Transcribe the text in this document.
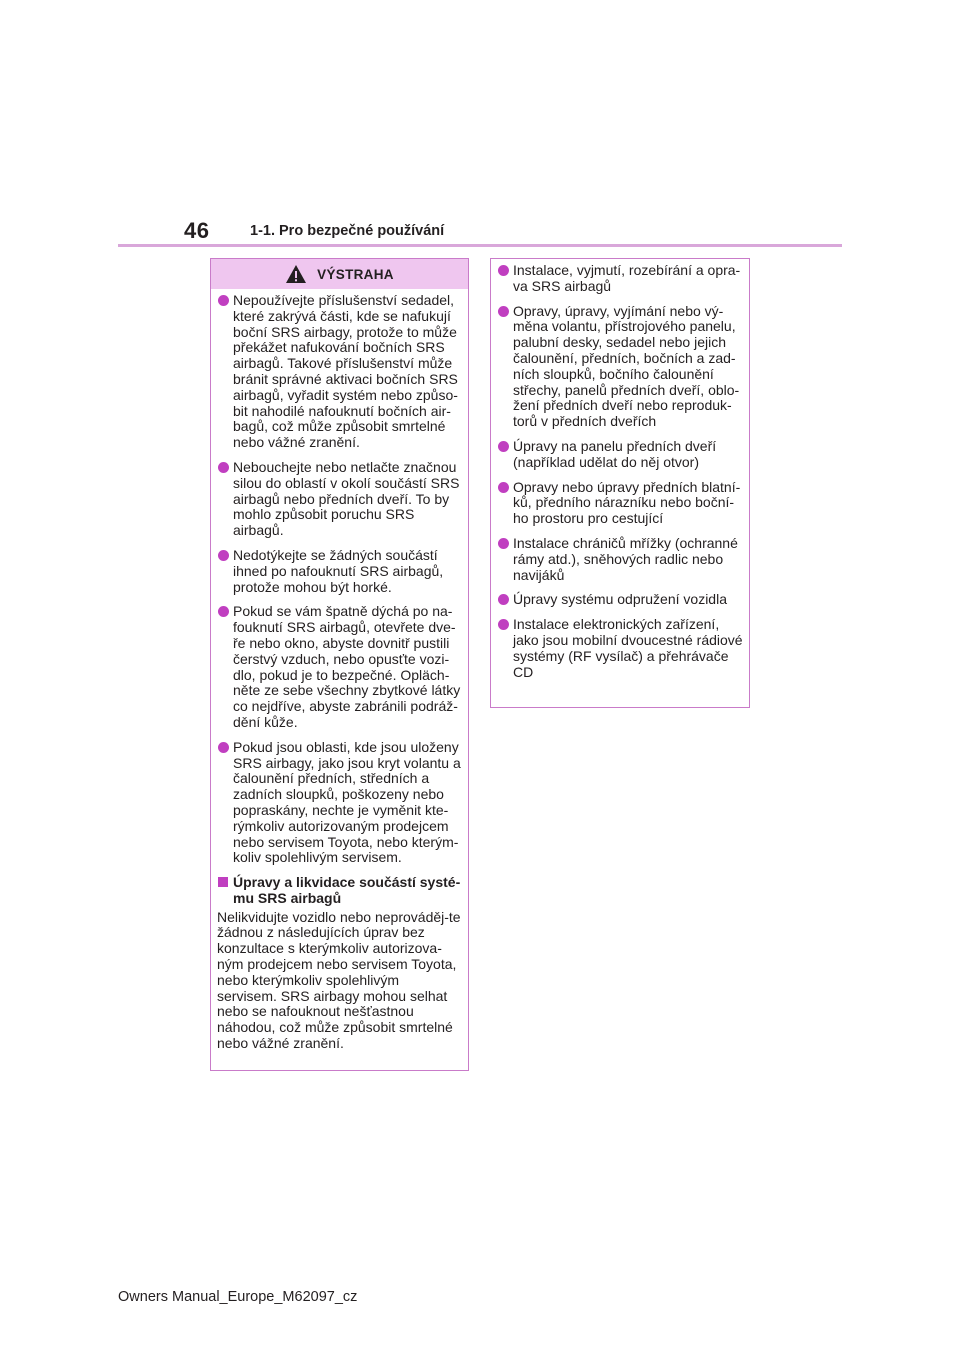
46	1-1. Pro bezpečné používání
VÝSTRAHA
Nepoužívejte příslušenství sedadel, které zakrývá části, kde se nafukují boční SRS airbagy, protože to může překážet nafukování bočních SRS airbagů. Takové příslušenství může bránit správné aktivaci bočních SRS airbagů, vyřadit systém nebo způso-bit nahodilé nafouknutí bočních air-bagů, což může způsobit smrtelné nebo vážné zranění.
Nebouchejte nebo netlačte značnou silou do oblastí v okolí součástí SRS airbagů nebo předních dveří. To by mohlo způsobit poruchu SRS airbagů.
Nedotýkejte se žádných součástí ihned po nafouknutí SRS airbagů, protože mohou být horké.
Pokud se vám špatně dýchá po na-fouknutí SRS airbagů, otevřete dve-ře nebo okno, abyste dovnitř pustili čerstvý vzduch, nebo opusťte vozi-dlo, pokud je to bezpečné. Opläch-něte ze sebe všechny zbytkové látky co nejdříve, abyste zabránili podráž-dění kůže.
Pokud jsou oblasti, kde jsou uloženy SRS airbagy, jako jsou kryt volantu a čalounění předních, středních a zadních sloupků, poškozeny nebo popraskány, nechte je vyměnit kte-rýmkoliv autorizovaným prodejcem nebo servisem Toyota, nebo kterým-koliv spolehlivým servisem.
Úpravy a likvidace součástí systé-mu SRS airbagů

Nelikvidujte vozidlo nebo neprováděj-te žádnou z následujících úprav bez konzultace s kterýmkoliv autorizova-ným prodejcem nebo servisem Toyota, nebo kterýmkoliv spolehlivým servisem. SRS airbagy mohou selhat nebo se nafouknout nešťastnou náhodou, což může způsobit smrtelné nebo vážné zranění.

Instalace, vyjmutí, rozebírání a opra-va SRS airbagů
Opravy, úpravy, vyjímání nebo vý-měna volantu, přístrojového panelu, palubní desky, sedadel nebo jejich čalounění, předních, bočních a zad-ních sloupků, bočního čalounění střechy, panelů předních dveří, oblo-žení předních dveří nebo reproduk-torů v předních dveřích
Úpravy na panelu předních dveří (například udělat do něj otvor)
Opravy nebo úpravy předních blatní-ků, předního nárazníku nebo boční-ho prostoru pro cestující
Instalace chráničů mřížky (ochranné rámy atd.), sněhových radlic nebo navijáků
Úpravy systému odpružení vozidla
Instalace elektronických zařízení, jako jsou mobilní dvoucestné rádiové systémy (RF vysílač) a přehrávače CD
Owners Manual_Europe_M62097_cz
